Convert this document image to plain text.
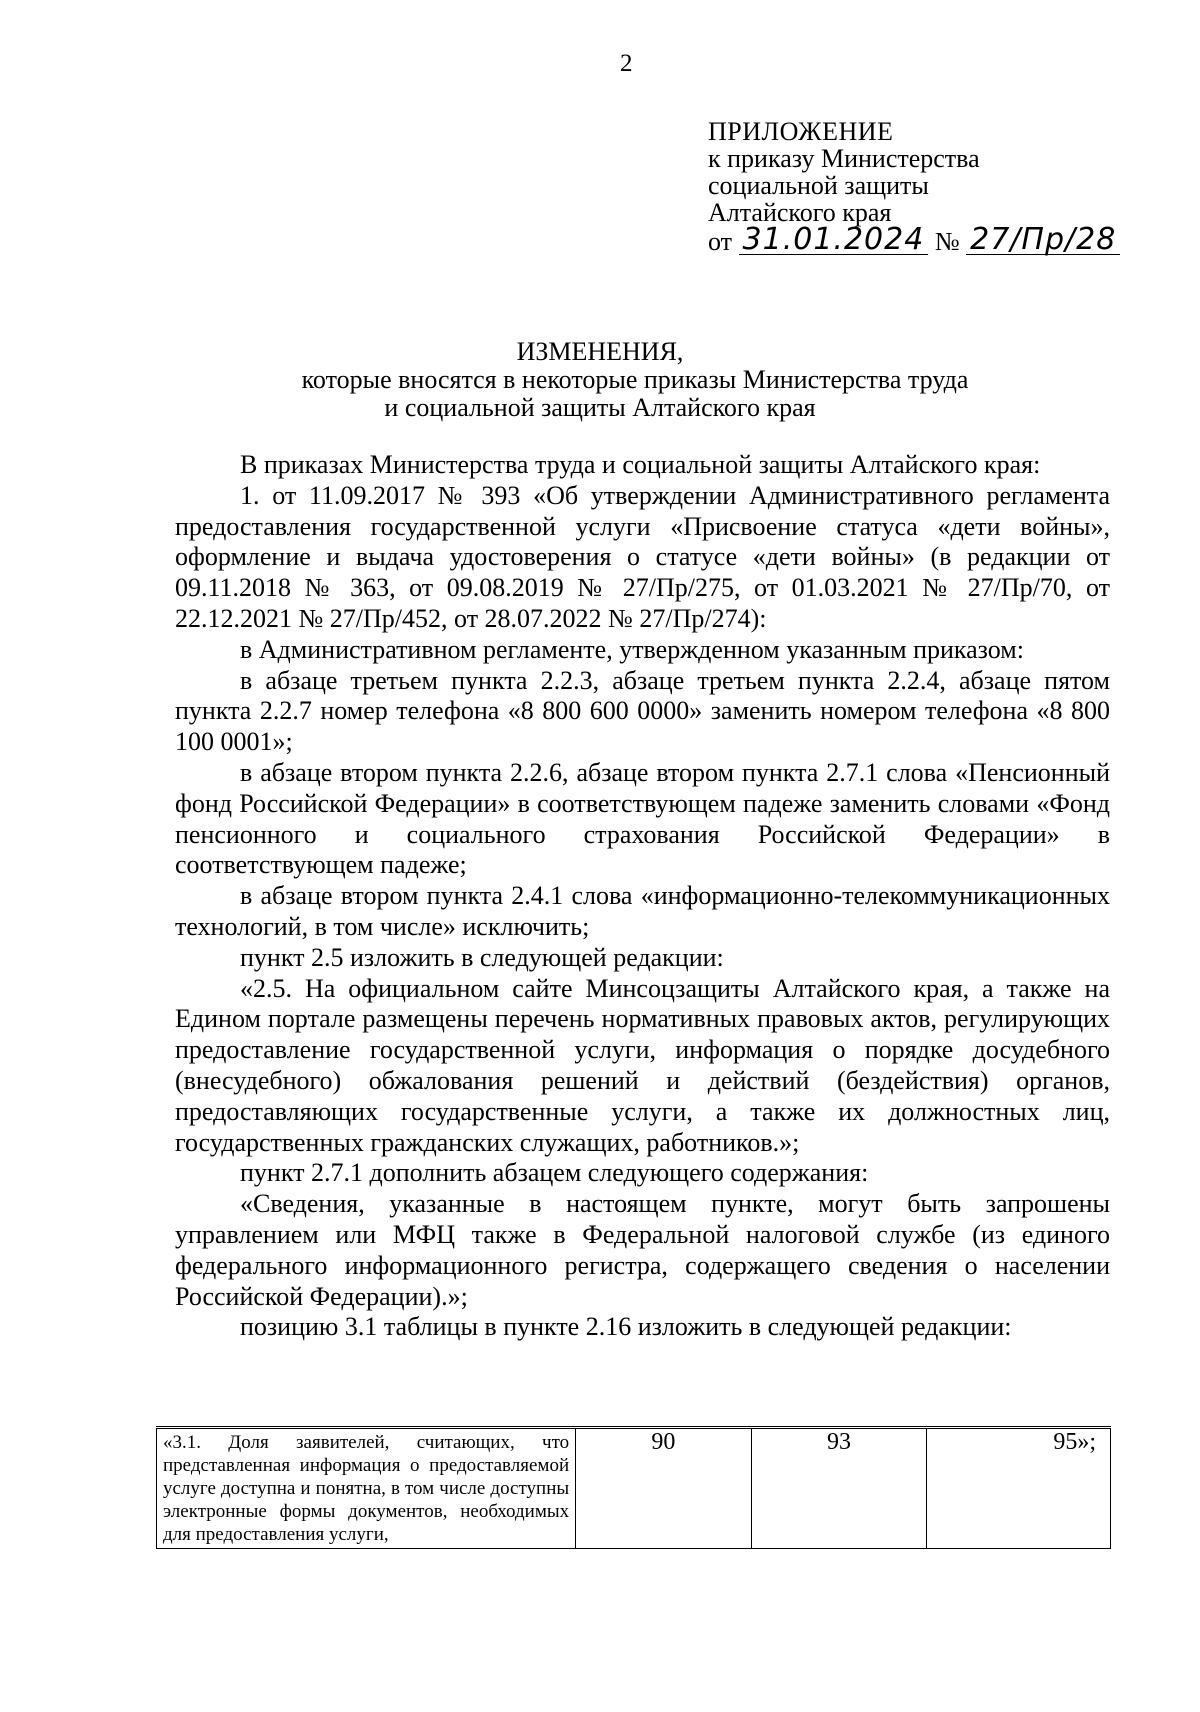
2
ПРИЛОЖЕНИЕ
к приказу Министерства
социальной защиты
Алтайского края
от
31.01.2024
№
27/Пр/28
ИЗМЕНЕНИЯ,
которые вносятся в некоторые приказы Министерства труда
и социальной защиты Алтайского края

В приказах Министерства труда и социальной защиты Алтайского края:

1. от 11.09.2017 № 393 «Об утверждении Административного регламента предоставления государственной услуги «Присвоение статуса «дети войны», оформление и выдача удостоверения о статусе «дети войны» (в редакции от 09.11.2018 № 363, от 09.08.2019 № 27/Пр/275, от 01.03.2021 № 27/Пр/70, от 22.12.2021 № 27/Пр/452, от 28.07.2022 № 27/Пр/274):

в Административном регламенте, утвержденном указанным приказом:

в абзаце третьем пункта 2.2.3, абзаце третьем пункта 2.2.4, абзаце пятом пункта 2.2.7 номер телефона «8 800 600 0000» заменить номером телефона «8 800 100 0001»;

в абзаце втором пункта 2.2.6, абзаце втором пункта 2.7.1 слова «Пенсионный фонд Российской Федерации» в соответствующем падеже заменить словами «Фонд пенсионного и социального страхования Российской Федерации» в соответствующем падеже;

в абзаце втором пункта 2.4.1 слова «информационно-телекоммуникационных технологий, в том числе» исключить;

пункт 2.5 изложить в следующей редакции:

«2.5. На официальном сайте Минсоцзащиты Алтайского края, а также на Едином портале размещены перечень нормативных правовых актов, регулирующих предоставление государственной услуги, информация о порядке досудебного (внесудебного) обжалования решений и действий (бездействия) органов, предоставляющих государственные услуги, а также их должностных лиц, государственных гражданских служащих, работников.»;

пункт 2.7.1 дополнить абзацем следующего содержания:

«Сведения, указанные в настоящем пункте, могут быть запрошены управлением или МФЦ также в Федеральной налоговой службе (из единого федерального информационного регистра, содержащего сведения о населении Российской Федерации).»;

позицию 3.1 таблицы в пункте 2.16 изложить в следующей редакции:

«3.1. Доля заявителей, считающих, что представленная информация о предоставляемой услуге доступна и понятна, в том числе доступны электронные формы документов, необходимых для предоставления услуги,	90	93	95»;
